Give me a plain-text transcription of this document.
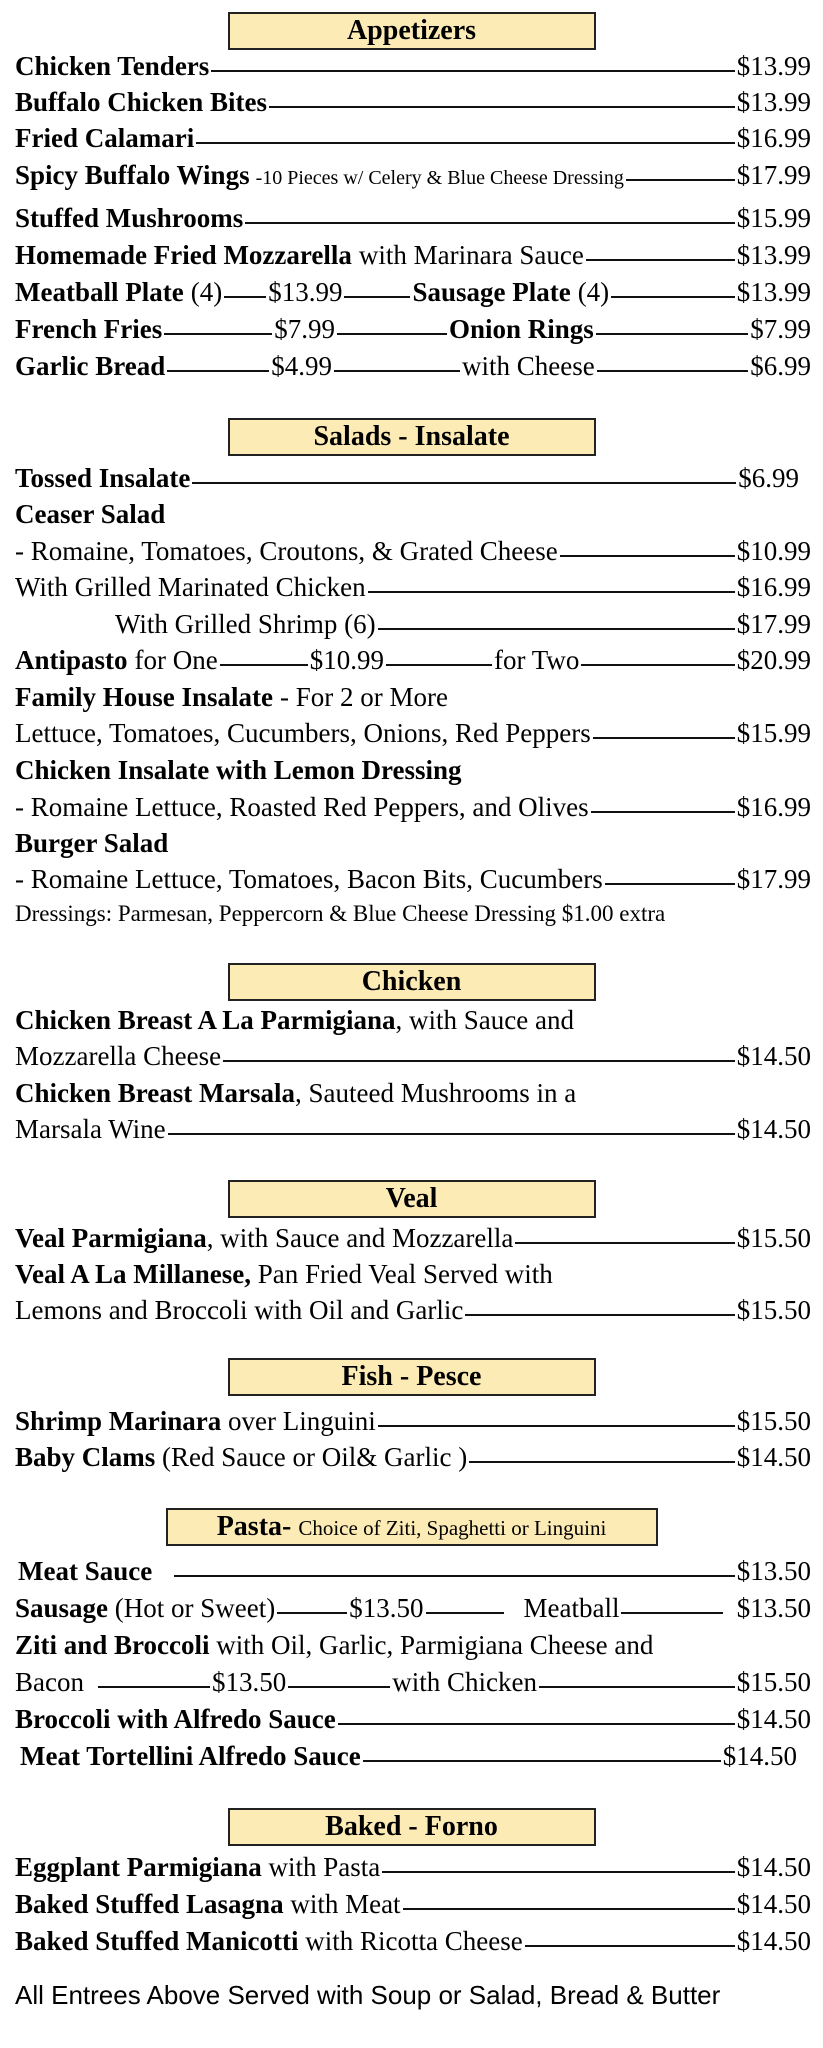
Appetizers
Chicken Tenders	$13.99
Buffalo Chicken Bites	$13.99
Fried Calamari	$16.99
Spicy Buffalo Wings -10 Pieces w/ Celery & Blue Cheese Dressing	$17.99
Stuffed Mushrooms	$15.99
Homemade Fried Mozzarella with Marinara Sauce	$13.99
Meatball Plate (4) $13.99	Sausage Plate (4)	$13.99
French Fries	$7.99	Onion Rings	$7.99
Garlic Bread	$4.99	with Cheese	$6.99
Salads - Insalate
Tossed Insalate	$6.99
Ceaser Salad
- Romaine, Tomatoes, Croutons, & Grated Cheese	$10.99
With Grilled Marinated Chicken	$16.99
With Grilled Shrimp (6)	$17.99
Antipasto for One	$10.99	for Two	$20.99
Family House Insalate - For 2 or More
Lettuce, Tomatoes, Cucumbers, Onions, Red Peppers	$15.99
Chicken Insalate with Lemon Dressing
- Romaine Lettuce, Roasted Red Peppers, and Olives	$16.99
Burger Salad
- Romaine Lettuce, Tomatoes, Bacon Bits, Cucumbers	$17.99
Dressings: Parmesan, Peppercorn & Blue Cheese Dressing $1.00 extra
Chicken
Chicken Breast A La Parmigiana , with Sauce and
Mozzarella Cheese	$14.50
Chicken Breast Marsala , Sauteed Mushrooms in a
Marsala Wine	$14.50
Veal
Veal Parmigiana , with Sauce and Mozzarella	$15.50
Veal A La Millanese, Pan Fried Veal Served with
Lemons and Broccoli with Oil and Garlic	$15.50
Fish - Pesce
Shrimp Marinara over Linguini	$15.50
Baby Clams (Red Sauce or Oil& Garlic )	$14.50
Pasta- Choice of Ziti, Spaghetti or Linguini
Meat Sauce	$13.50
Sausage (Hot or Sweet)	$13.50	Meatball	$13.50
Ziti and Broccoli with Oil, Garlic, Parmigiana Cheese and
Bacon	$13.50	with Chicken	$15.50
Broccoli with Alfredo Sauce	$14.50
Meat Tortellini Alfredo Sauce	$14.50
Baked - Forno
Eggplant Parmigiana with Pasta	$14.50
Baked Stuffed Lasagna with Meat	$14.50
Baked Stuffed Manicotti with Ricotta Cheese	$14.50
All Entrees Above Served with Soup or Salad, Bread & Butter
